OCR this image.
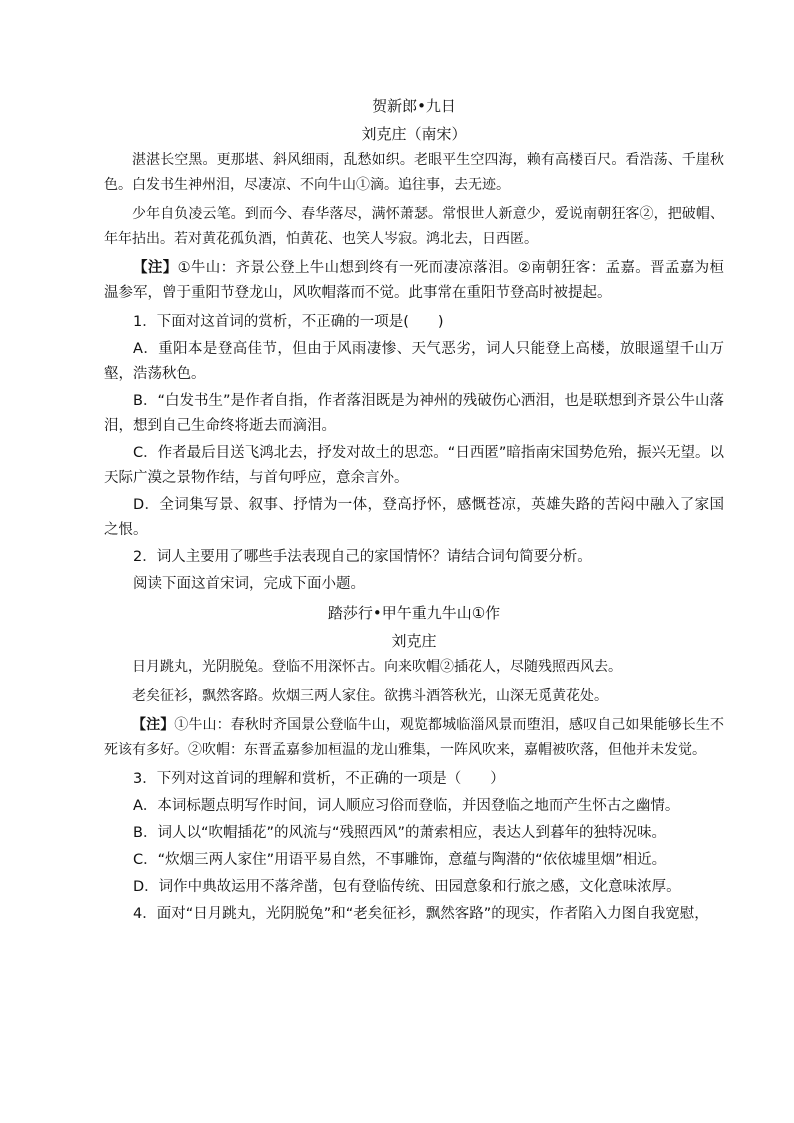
贺新郎•九日
刘克庄（南宋）
湛湛长空黑。更那堪、斜风细雨，乱愁如织。老眼平生空四海，赖有高楼百尺。看浩荡、千崖秋色。白发书生神州泪，尽凄凉、不向牛山①滴。追往事，去无迹。
少年自负凌云笔。到而今、春华落尽，满怀萧瑟。常恨世人新意少，爱说南朝狂客②，把破帽、年年拈出。若对黄花孤负酒，怕黄花、也笑人岑寂。鸿北去，日西匿。
【注】①牛山：齐景公登上牛山想到终有一死而凄凉落泪。②南朝狂客：孟嘉。晋孟嘉为桓温参军，曾于重阳节登龙山，风吹帽落而不觉。此事常在重阳节登高时被提起。
1．下面对这首词的赏析，不正确的一项是(　　)
A．重阳本是登高佳节，但由于风雨凄惨、天气恶劣，词人只能登上高楼，放眼遥望千山万壑，浩荡秋色。
B．“白发书生”是作者自指，作者落泪既是为神州的残破伤心洒泪，也是联想到齐景公牛山落泪，想到自己生命终将逝去而滴泪。
C．作者最后目送飞鸿北去，抒发对故土的思恋。“日西匿”暗指南宋国势危殆，振兴无望。以天际广漠之景物作结，与首句呼应，意余言外。
D．全词集写景、叙事、抒情为一体，登高抒怀，感慨苍凉，英雄失路的苦闷中融入了家国之恨。
2．词人主要用了哪些手法表现自己的家国情怀？请结合词句简要分析。
阅读下面这首宋词，完成下面小题。
踏莎行•甲午重九牛山①作
刘克庄
日月跳丸，光阴脱兔。登临不用深怀古。向来吹帽②插花人，尽随残照西风去。
老矣征衫，飘然客路。炊烟三两人家住。欲携斗酒答秋光，山深无觅黄花处。
【注】①牛山：春秋时齐国景公登临牛山，观览都城临淄风景而堕泪，感叹自己如果能够长生不死该有多好。②吹帽：东晋孟嘉参加桓温的龙山雅集，一阵风吹来，嘉帽被吹落，但他并未发觉。
3．下列对这首词的理解和赏析，不正确的一项是（　　）
A．本词标题点明写作时间，词人顺应习俗而登临，并因登临之地而产生怀古之幽情。
B．词人以“吹帽插花”的风流与“残照西风”的萧索相应，表达人到暮年的独特况味。
C．“炊烟三两人家住”用语平易自然，不事雕饰，意蕴与陶潜的“依依墟里烟”相近。
D．词作中典故运用不落斧凿，包有登临传统、田园意象和行旅之感，文化意味浓厚。
4．面对“日月跳丸，光阴脱兔”和“老矣征衫，飘然客路”的现实，作者陷入力图自我宽慰，
